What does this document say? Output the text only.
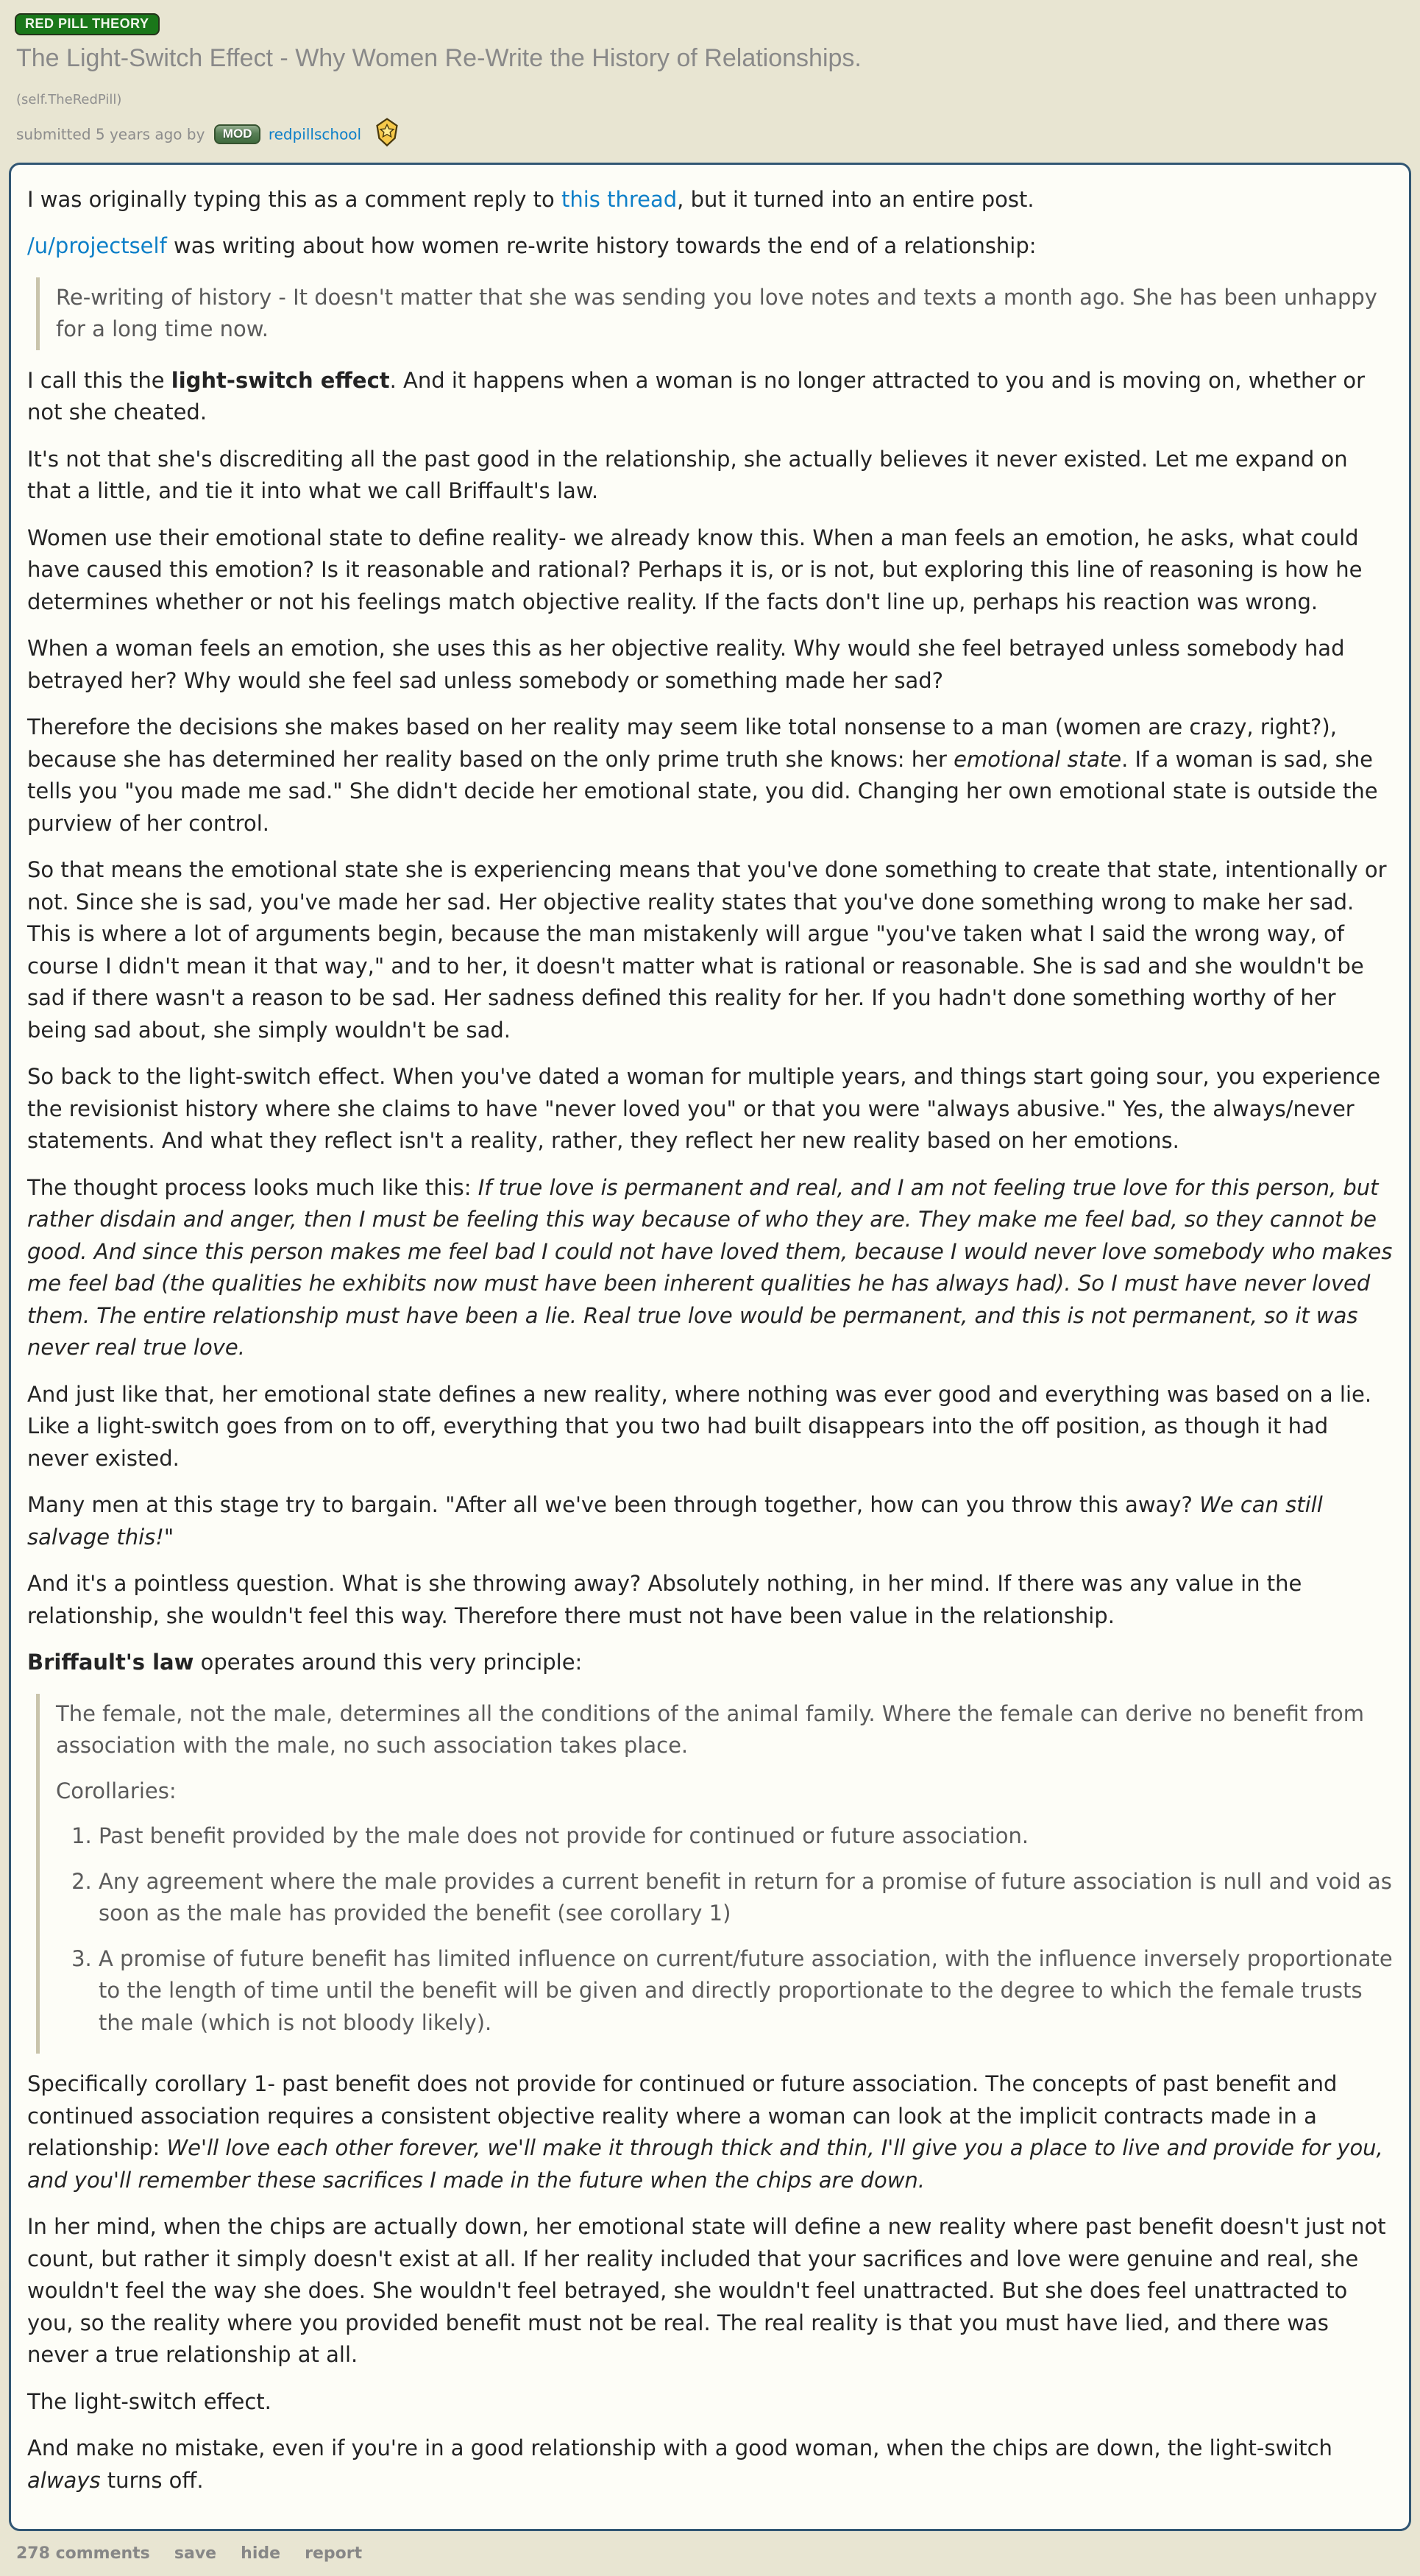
RED PILL THEORY
The Light-Switch Effect - Why Women Re-Write the History of Relationships.
(self.TheRedPill)
submitted 5 years ago by MOD redpillschool

I was originally typing this as a comment reply to this thread, but it turned into an entire post.

/u/projectself was writing about how women re-write history towards the end of a relationship:

Re-writing of history - It doesn't matter that she was sending you love notes and texts a month ago. She has been unhappy for a long time now.

I call this the light-switch effect. And it happens when a woman is no longer attracted to you and is moving on, whether or not she cheated.

It's not that she's discrediting all the past good in the relationship, she actually believes it never existed. Let me expand on that a little, and tie it into what we call Briffault's law.

Women use their emotional state to define reality- we already know this. When a man feels an emotion, he asks, what could have caused this emotion? Is it reasonable and rational? Perhaps it is, or is not, but exploring this line of reasoning is how he determines whether or not his feelings match objective reality. If the facts don't line up, perhaps his reaction was wrong.

When a woman feels an emotion, she uses this as her objective reality. Why would she feel betrayed unless somebody had betrayed her? Why would she feel sad unless somebody or something made her sad?

Therefore the decisions she makes based on her reality may seem like total nonsense to a man (women are crazy, right?), because she has determined her reality based on the only prime truth she knows: her emotional state. If a woman is sad, she tells you "you made me sad." She didn't decide her emotional state, you did. Changing her own emotional state is outside the purview of her control.

So that means the emotional state she is experiencing means that you've done something to create that state, intentionally or not. Since she is sad, you've made her sad. Her objective reality states that you've done something wrong to make her sad. This is where a lot of arguments begin, because the man mistakenly will argue "you've taken what I said the wrong way, of course I didn't mean it that way," and to her, it doesn't matter what is rational or reasonable. She is sad and she wouldn't be sad if there wasn't a reason to be sad. Her sadness defined this reality for her. If you hadn't done something worthy of her being sad about, she simply wouldn't be sad.

So back to the light-switch effect. When you've dated a woman for multiple years, and things start going sour, you experience the revisionist history where she claims to have "never loved you" or that you were "always abusive." Yes, the always/never statements. And what they reflect isn't a reality, rather, they reflect her new reality based on her emotions.

The thought process looks much like this: If true love is permanent and real, and I am not feeling true love for this person, but rather disdain and anger, then I must be feeling this way because of who they are. They make me feel bad, so they cannot be good. And since this person makes me feel bad I could not have loved them, because I would never love somebody who makes me feel bad (the qualities he exhibits now must have been inherent qualities he has always had). So I must have never loved them. The entire relationship must have been a lie. Real true love would be permanent, and this is not permanent, so it was never real true love.

And just like that, her emotional state defines a new reality, where nothing was ever good and everything was based on a lie. Like a light-switch goes from on to off, everything that you two had built disappears into the off position, as though it had never existed.

Many men at this stage try to bargain. "After all we've been through together, how can you throw this away? We can still salvage this!"

And it's a pointless question. What is she throwing away? Absolutely nothing, in her mind. If there was any value in the relationship, she wouldn't feel this way. Therefore there must not have been value in the relationship.

Briffault's law operates around this very principle:

The female, not the male, determines all the conditions of the animal family. Where the female can derive no benefit from association with the male, no such association takes place.

Corollaries:

1. Past benefit provided by the male does not provide for continued or future association.
2. Any agreement where the male provides a current benefit in return for a promise of future association is null and void as soon as the male has provided the benefit (see corollary 1)
3. A promise of future benefit has limited influence on current/future association, with the influence inversely proportionate to the length of time until the benefit will be given and directly proportionate to the degree to which the female trusts the male (which is not bloody likely).

Specifically corollary 1- past benefit does not provide for continued or future association. The concepts of past benefit and continued association requires a consistent objective reality where a woman can look at the implicit contracts made in a relationship: We'll love each other forever, we'll make it through thick and thin, I'll give you a place to live and provide for you, and you'll remember these sacrifices I made in the future when the chips are down.

In her mind, when the chips are actually down, her emotional state will define a new reality where past benefit doesn't just not count, but rather it simply doesn't exist at all. If her reality included that your sacrifices and love were genuine and real, she wouldn't feel the way she does. She wouldn't feel betrayed, she wouldn't feel unattracted. But she does feel unattracted to you, so the reality where you provided benefit must not be real. The real reality is that you must have lied, and there was never a true relationship at all.

The light-switch effect.

And make no mistake, even if you're in a good relationship with a good woman, when the chips are down, the light-switch always turns off.

278 comments save hide report
